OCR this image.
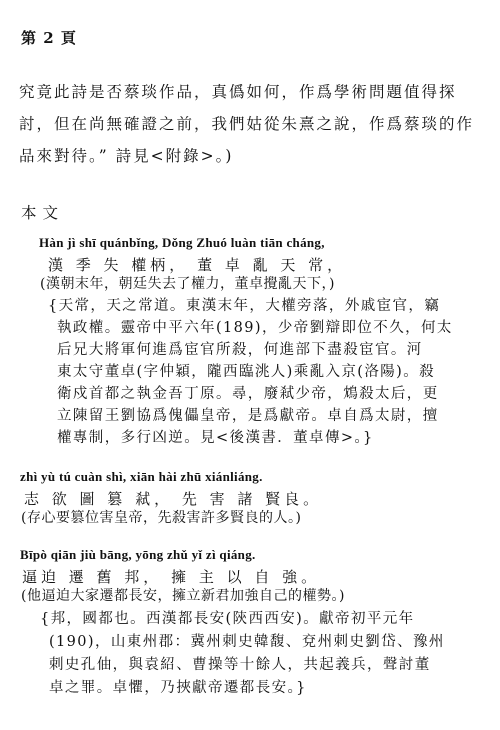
第 2 頁
究竟此詩是否蔡琰作品，真僞如何，作爲學術問題值得探
討，但在尚無確證之前，我們姑從朱熹之說，作爲蔡琰的作
品來對待。” 詩見<附錄>。)
本文
Hàn jì shī quánbǐng, Dǒng Zhuó luàn tiān cháng,
漢 季 失 權柄， 董 卓 亂 天 常，
(漢朝末年，朝廷失去了權力，董卓攪亂天下，)
{天常，天之常道。東漢末年，大權旁落，外戚宦官，竊
執政權。靈帝中平六年(189)，少帝劉辯即位不久，何太
后兄大將軍何進爲宦官所殺，何進部下盡殺宦官。河
東太守董卓(字仲穎，隴西臨洮人)乘亂入京(洛陽)。殺
衛戍首都之執金吾丁原。尋，廢弒少帝，鴆殺太后，更
立陳留王劉協爲傀儡皇帝，是爲獻帝。卓自爲太尉，擅
權專制，多行凶逆。見<後漢書．董卓傳>。}
zhì yù tú cuàn shì, xiān hài zhū xiánliáng.
志 欲 圖 篡 弒， 先 害 諸 賢良。
(存心要篡位害皇帝，先殺害許多賢良的人。)
Bīpò qiān jiù bāng, yōng zhǔ yǐ zì qiáng.
逼迫 遷 舊 邦， 擁 主 以 自 強。
(他逼迫大家遷都長安，擁立新君加強自己的權勢。)
{邦，國都也。西漢都長安(陝西西安)。獻帝初平元年
(190)，山東州郡：冀州刺史韓馥、兗州刺史劉岱、豫州
刺史孔伷，與袁紹、曹操等十餘人，共起義兵，聲討董
卓之罪。卓懼，乃挾獻帝遷都長安。}
